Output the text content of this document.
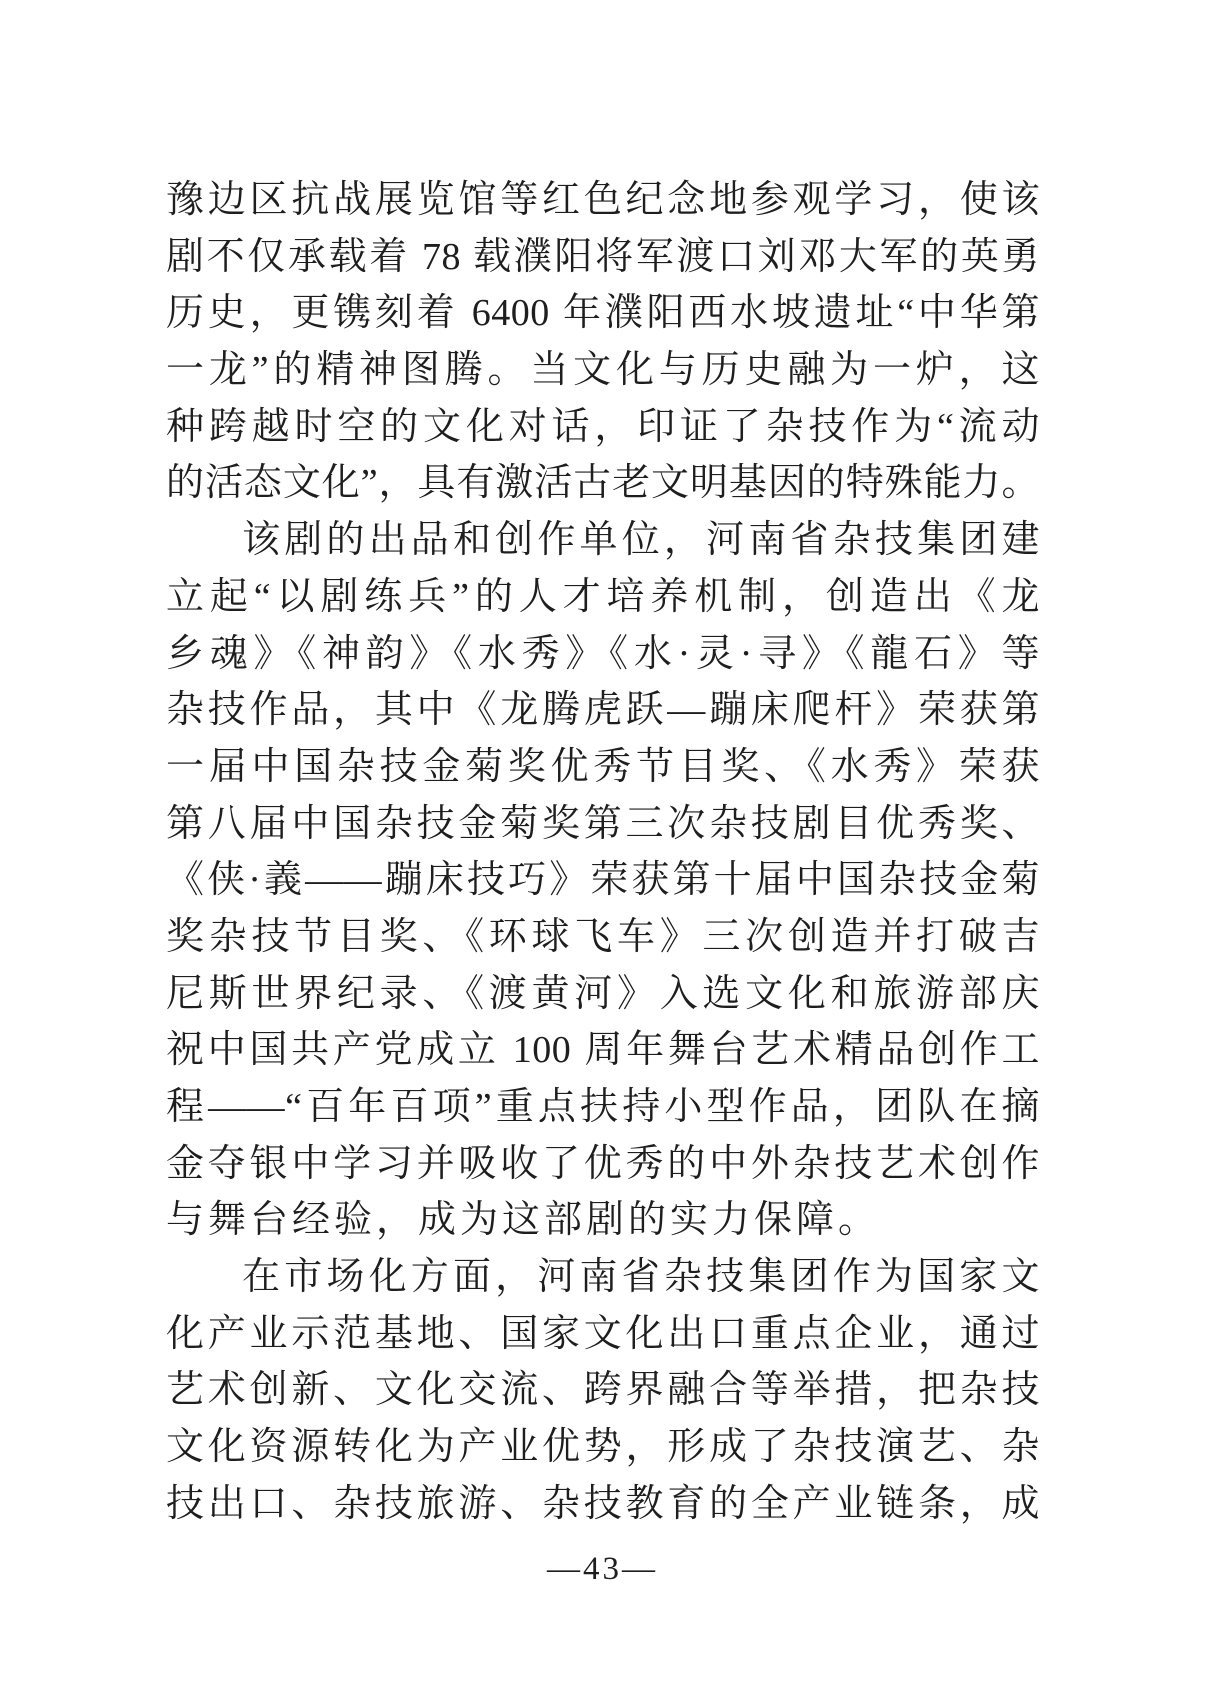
豫边区抗战展览馆等红色纪念地参观学习，使该
剧不仅承载着 78 载濮阳将军渡口刘邓大军的英勇
历史，更镌刻着 6400 年濮阳西水坡遗址“中华第
一龙”的精神图腾。当文化与历史融为一炉，这
种跨越时空的文化对话，印证了杂技作为“流动
的活态文化”，具有激活古老文明基因的特殊能力。
该剧的出品和创作单位，河南省杂技集团建
立起“以剧练兵”的人才培养机制，创造出《龙
乡魂》《神韵》《水秀》《水·灵·寻》《龍石》等
杂技作品，其中《龙腾虎跃—蹦床爬杆》荣获第
一届中国杂技金菊奖优秀节目奖、《水秀》荣获
第八届中国杂技金菊奖第三次杂技剧目优秀奖、
《侠·義——蹦床技巧》荣获第十届中国杂技金菊
奖杂技节目奖、《环球飞车》三次创造并打破吉
尼斯世界纪录、《渡黄河》入选文化和旅游部庆
祝中国共产党成立 100 周年舞台艺术精品创作工
程——“百年百项”重点扶持小型作品，团队在摘
金夺银中学习并吸收了优秀的中外杂技艺术创作
与舞台经验，成为这部剧的实力保障。
在市场化方面，河南省杂技集团作为国家文
化产业示范基地、国家文化出口重点企业，通过
艺术创新、文化交流、跨界融合等举措，把杂技
文化资源转化为产业优势，形成了杂技演艺、杂
技出口、杂技旅游、杂技教育的全产业链条，成
—43—
